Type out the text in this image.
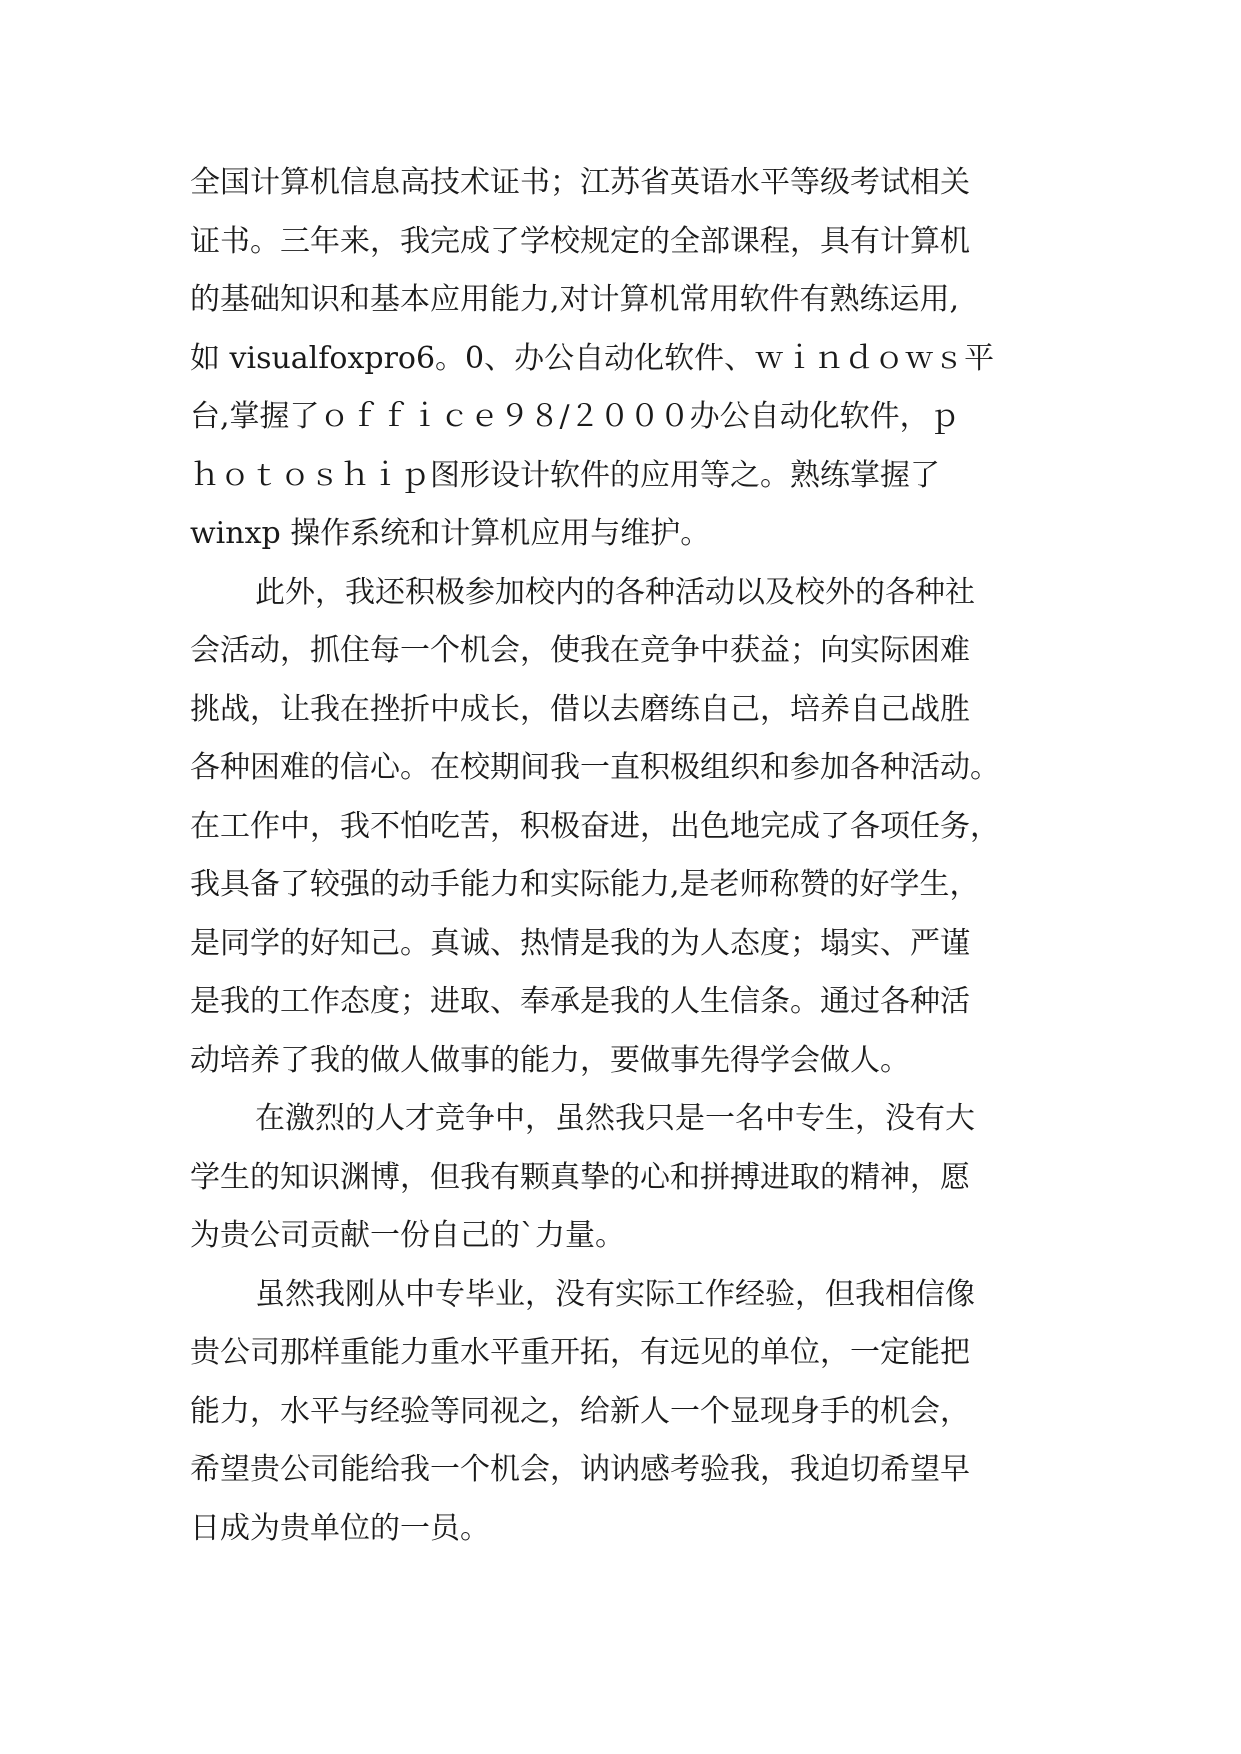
全国计算机信息高技术证书；江苏省英语水平等级考试相关
证书。三年来，我完成了学校规定的全部课程，具有计算机
的基础知识和基本应用能力,对计算机常用软件有熟练运用,
如 visualfoxpro6。0、办公自动化软件、ｗｉｎｄｏｗｓ平
台,掌握了ｏｆｆｉｃｅ９８/２０００办公自动化软件，ｐ
ｈｏｔｏｓｈｉｐ图形设计软件的应用等之。熟练掌握了
winxp 操作系统和计算机应用与维护。
此外，我还积极参加校内的各种活动以及校外的各种社
会活动，抓住每一个机会，使我在竞争中获益；向实际困难
挑战，让我在挫折中成长，借以去磨练自己，培养自己战胜
各种困难的信心。在校期间我一直积极组织和参加各种活动。
在工作中，我不怕吃苦，积极奋进，出色地完成了各项任务，
我具备了较强的动手能力和实际能力,是老师称赞的好学生，
是同学的好知己。真诚、热情是我的为人态度；塌实、严谨
是我的工作态度；进取、奉承是我的人生信条。通过各种活
动培养了我的做人做事的能力，要做事先得学会做人。
在激烈的人才竞争中，虽然我只是一名中专生，没有大
学生的知识渊博，但我有颗真挚的心和拼搏进取的精神，愿
为贵公司贡献一份自己的`力量。
虽然我刚从中专毕业，没有实际工作经验，但我相信像
贵公司那样重能力重水平重开拓，有远见的单位，一定能把
能力，水平与经验等同视之，给新人一个显现身手的机会，
希望贵公司能给我一个机会，讷讷感考验我，我迫切希望早
日成为贵单位的一员。
